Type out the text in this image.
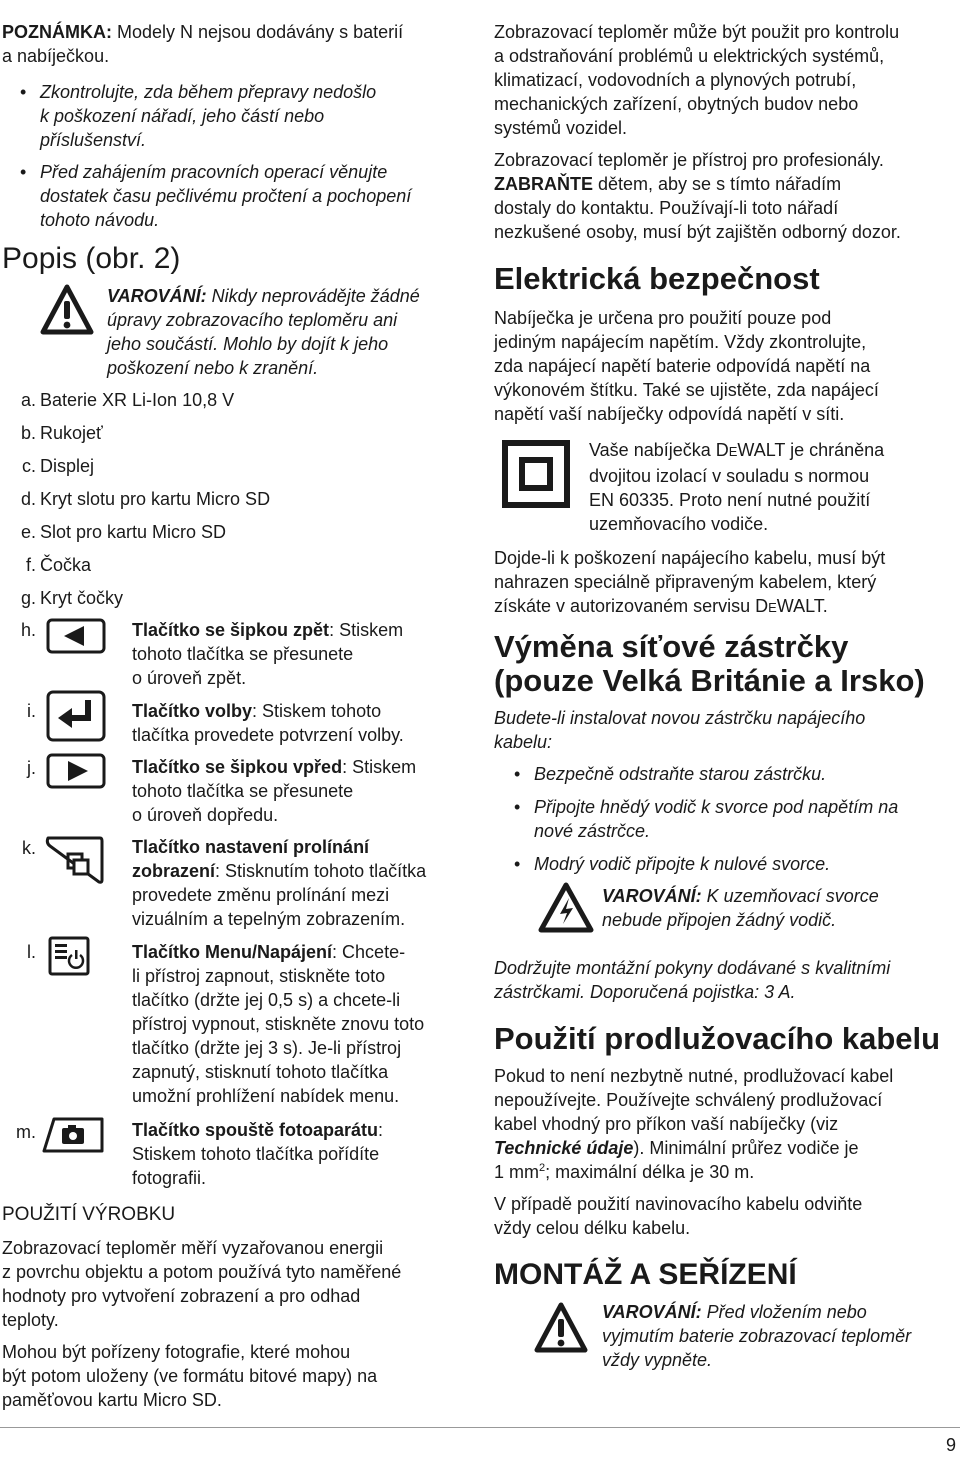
POZNÁMKA: Modely N nejsou dodávány s baterií
a nabíječkou.

• Zkontrolujte, zda během přepravy nedošlo
k poškození nářadí, jeho částí nebo
příslušenství.
• Před zahájením pracovních operací věnujte
dostatek času pečlivému pročtení a pochopení
tohoto návodu.
Popis (obr. 2)

VAROVÁNÍ: Nikdy neprovádějte žádné
úpravy zobrazovacího teploměru ani
jeho součástí. Mohlo by dojít k jeho
poškození nebo k zranění.

a. Baterie XR Li-Ion 10,8 V
b. Rukojeť
c. Displej
d. Kryt slotu pro kartu Micro SD
e. Slot pro kartu Micro SD
f. Čočka
g. Kryt čočky
h.	Tlačítko se šipkou zpět: Stiskem
tohoto tlačítka se přesunete
o úroveň zpět.

i.	Tlačítko volby: Stiskem tohoto
tlačítka provedete potvrzení volby.

j.	Tlačítko se šipkou vpřed: Stiskem
tohoto tlačítka se přesunete
o úroveň dopředu.

k.	Tlačítko nastavení prolínání
zobrazení: Stisknutím tohoto tlačítka
provedete změnu prolínání mezi
vizuálním a tepelným zobrazením.

l.	Tlačítko Menu/Napájení: Chcete-
li přístroj zapnout, stiskněte toto
tlačítko (držte jej 0,5 s) a chcete-li
přístroj vypnout, stiskněte znovu toto
tlačítko (držte jej 3 s). Je-li přístroj
zapnutý, stisknutí tohoto tlačítka
umožní prohlížení nabídek menu.

m.	Tlačítko spouště fotoaparátu:
Stiskem tohoto tlačítka pořídíte
fotografii.

POUŽITÍ VÝROBKU

Zobrazovací teploměr měří vyzařovanou energii
z povrchu objektu a potom používá tyto naměřené
hodnoty pro vytvoření zobrazení a pro odhad
teploty.

Mohou být pořízeny fotografie, které mohou
být potom uloženy (ve formátu bitové mapy) na
paměťovou kartu Micro SD.

Zobrazovací teploměr může být použit pro kontrolu
a odstraňování problémů u elektrických systémů,
klimatizací, vodovodních a plynových potrubí,
mechanických zařízení, obytných budov nebo
systémů vozidel.

Zobrazovací teploměr je přístroj pro profesionály.
ZABRAŇTE dětem, aby se s tímto nářadím
dostaly do kontaktu. Používají-li toto nářadí
nezkušené osoby, musí být zajištěn odborný dozor.

Elektrická bezpečnost

Nabíječka je určena pro použití pouze pod
jediným napájecím napětím. Vždy zkontrolujte,
zda napájecí napětí baterie odpovídá napětí na
výkonovém štítku. Také se ujistěte, zda napájecí
napětí vaší nabíječky odpovídá napětí v síti.

Vaše nabíječka DEWALT je chráněna
dvojitou izolací v souladu s normou
EN 60335. Proto není nutné použití
uzemňovacího vodiče.

Dojde-li k poškození napájecího kabelu, musí být
nahrazen speciálně připraveným kabelem, který
získáte v autorizovaném servisu DEWALT.

Výměna síťové zástrčky
(pouze Velká Británie a Irsko)

Budete-li instalovat novou zástrčku napájecího
kabelu:

• Bezpečně odstraňte starou zástrčku.
• Připojte hnědý vodič k svorce pod napětím na
nové zástrčce.
• Modrý vodič připojte k nulové svorce.

VAROVÁNÍ: K uzemňovací svorce
nebude připojen žádný vodič.

Dodržujte montážní pokyny dodávané s kvalitními
zástrčkami. Doporučená pojistka: 3 A.

Použití prodlužovacího kabelu

Pokud to není nezbytně nutné, prodlužovací kabel
nepoužívejte. Používejte schválený prodlužovací
kabel vhodný pro příkon vaší nabíječky (viz
Technické údaje). Minimální průřez vodiče je
1 $mm^2$; maximální délka je 30 m.

V případě použití navinovacího kabelu odviňte
vždy celou délku kabelu.

MONTÁŽ A SEŘÍZENÍ

VAROVÁNÍ: Před vložením nebo
vyjmutím baterie zobrazovací teploměr
vždy vypněte.

9
